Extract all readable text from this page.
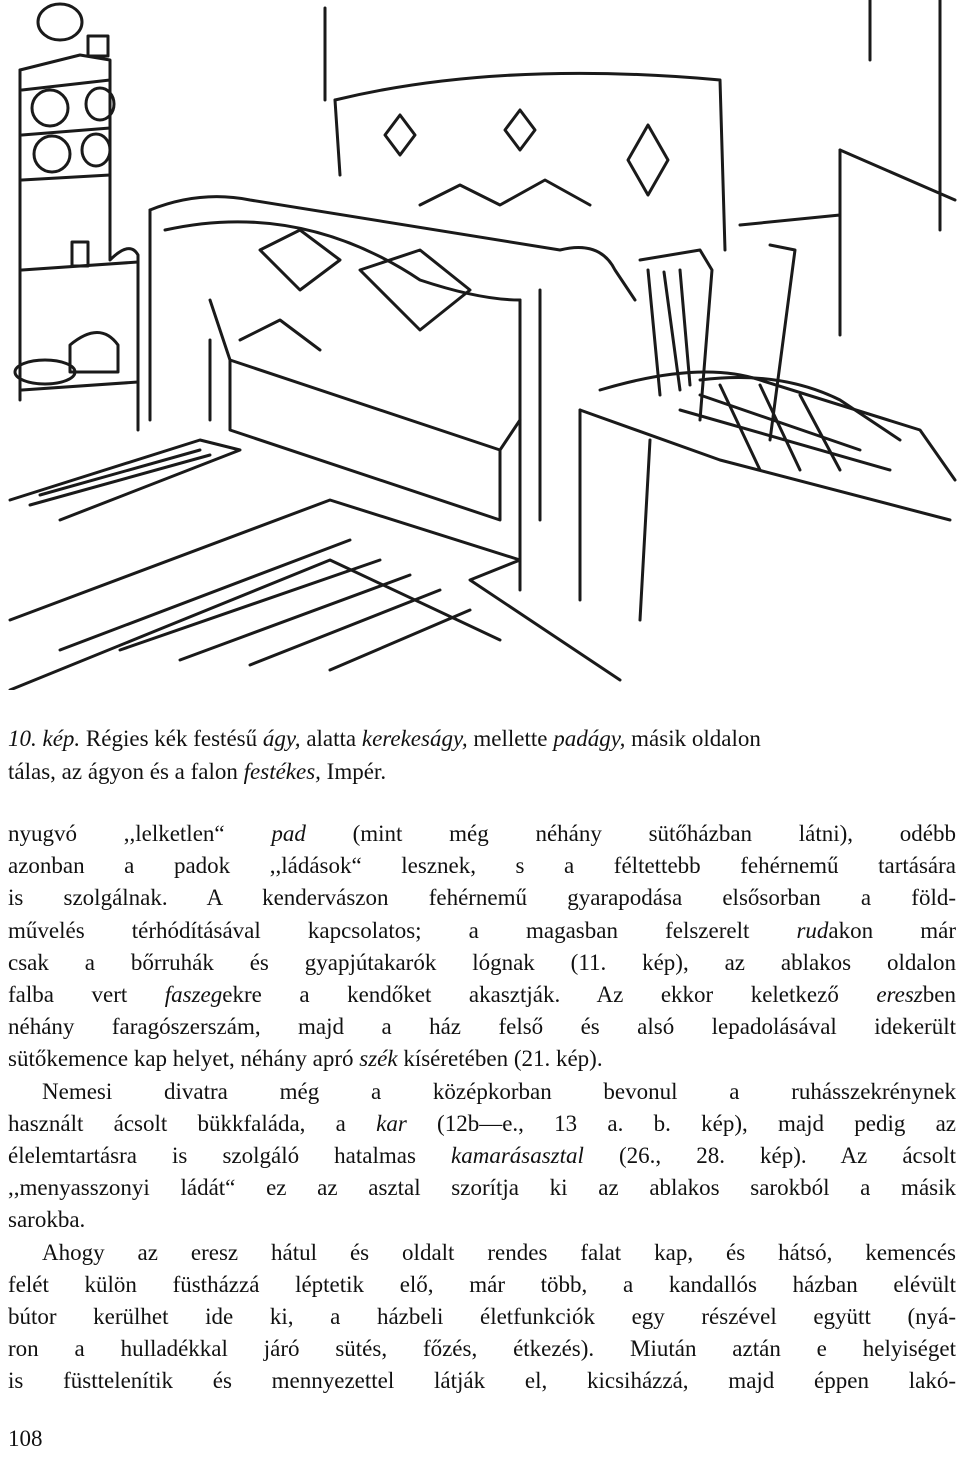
10. kép. Régies kék festésű ágy, alatta kerekeságy, mellette padágy, másik oldalon
tálas, az ágyon és a falon festékes, Impér.
nyugvó ,,lelketlen“ pad (mint még néhány sütőházban látni), odébb
azonban a padok ,,ládások“ lesznek, s a féltettebb fehérnemű tartására
is szolgálnak. A kendervászon fehérnemű gyarapodása elsősorban a föld-
művelés térhódításával kapcsolatos; a magasban felszerelt rudakon már
csak a bőrruhák és gyapjútakarók lógnak (11. kép), az ablakos oldalon
falba vert faszegekre a kendőket akasztják. Az ekkor keletkező ereszben
néhány faragószerszám, majd a ház felső és alsó lepadolásával idekerült
sütőkemence kap helyet, néhány apró szék kíséretében (21. kép).
Nemesi divatra még a középkorban bevonul a ruhásszekrénynek
használt ácsolt bükkfaláda, a kar (12b—e., 13 a. b. kép), majd pedig az
élelemtartásra is szolgáló hatalmas kamarásasztal (26., 28. kép). Az ácsolt
,,menyasszonyi ládát“ ez az asztal szorítja ki az ablakos sarokból a másik
sarokba.
Ahogy az eresz hátul és oldalt rendes falat kap, és hátsó, kemencés
felét külön füstházzá léptetik elő, már több, a kandallós házban elévült
bútor kerülhet ide ki, a házbeli életfunkciók egy részével együtt (nyá-
ron a hulladékkal járó sütés, főzés, étkezés). Miután aztán e helyiséget
is füsttelenítik és mennyezettel látják el, kicsiházzá, majd éppen lakó-
108
